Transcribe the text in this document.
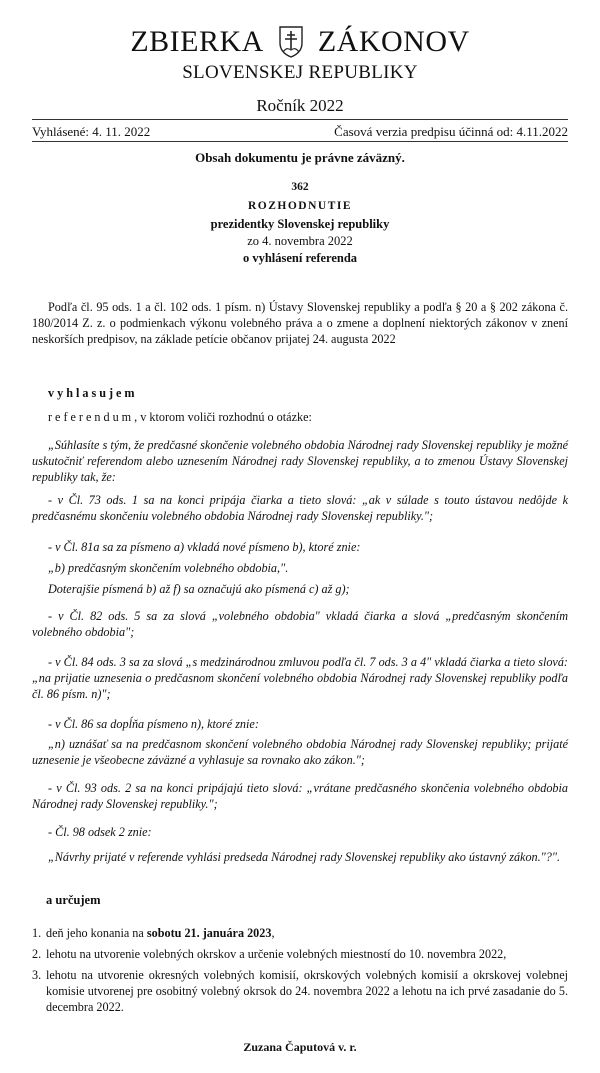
ZBIERKA ZÁKONOV
SLOVENSKEJ REPUBLIKY
Ročník 2022
Vyhlásené: 4. 11. 2022	Časová verzia predpisu účinná od: 4.11.2022
Obsah dokumentu je právne záväzný.
362
ROZHODNUTIE
prezidentky Slovenskej republiky
zo 4. novembra 2022
o vyhlásení referenda
Podľa čl. 95 ods. 1 a čl. 102 ods. 1 písm. n) Ústavy Slovenskej republiky a podľa § 20 a § 202 zákona č. 180/2014 Z. z. o podmienkach výkonu volebného práva a o zmene a doplnení niektorých zákonov v znení neskorších predpisov, na základe petície občanov prijatej 24. augusta 2022
vyhlasujem
referendum, v ktorom voliči rozhodnú o otázke:
„Súhlasíte s tým, že predčasné skončenie volebného obdobia Národnej rady Slovenskej republiky je možné uskutočniť referendom alebo uznesením Národnej rady Slovenskej republiky, a to zmenou Ústavy Slovenskej republiky tak, že:
- v Čl. 73 ods. 1 sa na konci pripája čiarka a tieto slová: „ak v súlade s touto ústavou nedôjde k predčasnému skončeniu volebného obdobia Národnej rady Slovenskej republiky.";
- v Čl. 81a sa za písmeno a) vkladá nové písmeno b), ktoré znie:
„b) predčasným skončením volebného obdobia,".
Doterajšie písmená b) až f) sa označujú ako písmená c) až g);
- v Čl. 82 ods. 5 sa za slová „volebného obdobia" vkladá čiarka a slová „predčasným skončením volebného obdobia";
- v Čl. 84 ods. 3 sa za slová „s medzinárodnou zmluvou podľa čl. 7 ods. 3 a 4" vkladá čiarka a tieto slová: „na prijatie uznesenia o predčasnom skončení volebného obdobia Národnej rady Slovenskej republiky podľa čl. 86 písm. n)";
- v Čl. 86 sa dopĺňa písmeno n), ktoré znie:
„n) uznášať sa na predčasnom skončení volebného obdobia Národnej rady Slovenskej republiky; prijaté uznesenie je všeobecne záväzné a vyhlasuje sa rovnako ako zákon.";
- v Čl. 93 ods. 2 sa na konci pripájajú tieto slová: „vrátane predčasného skončenia volebného obdobia Národnej rady Slovenskej republiky.";
- Čl. 98 odsek 2 znie:
„Návrhy prijaté v referende vyhlási predseda Národnej rady Slovenskej republiky ako ústavný zákon."?".
a určujem
1. deň jeho konania na sobotu 21. januára 2023,
2. lehotu na utvorenie volebných okrskov a určenie volebných miestností do 10. novembra 2022,
3. lehotu na utvorenie okresných volebných komisií, okrskových volebných komisií a okrskovej volebnej komisie utvorenej pre osobitný volebný okrsok do 24. novembra 2022 a lehotu na ich prvé zasadanie do 5. decembra 2022.
Zuzana Čaputová v. r.
